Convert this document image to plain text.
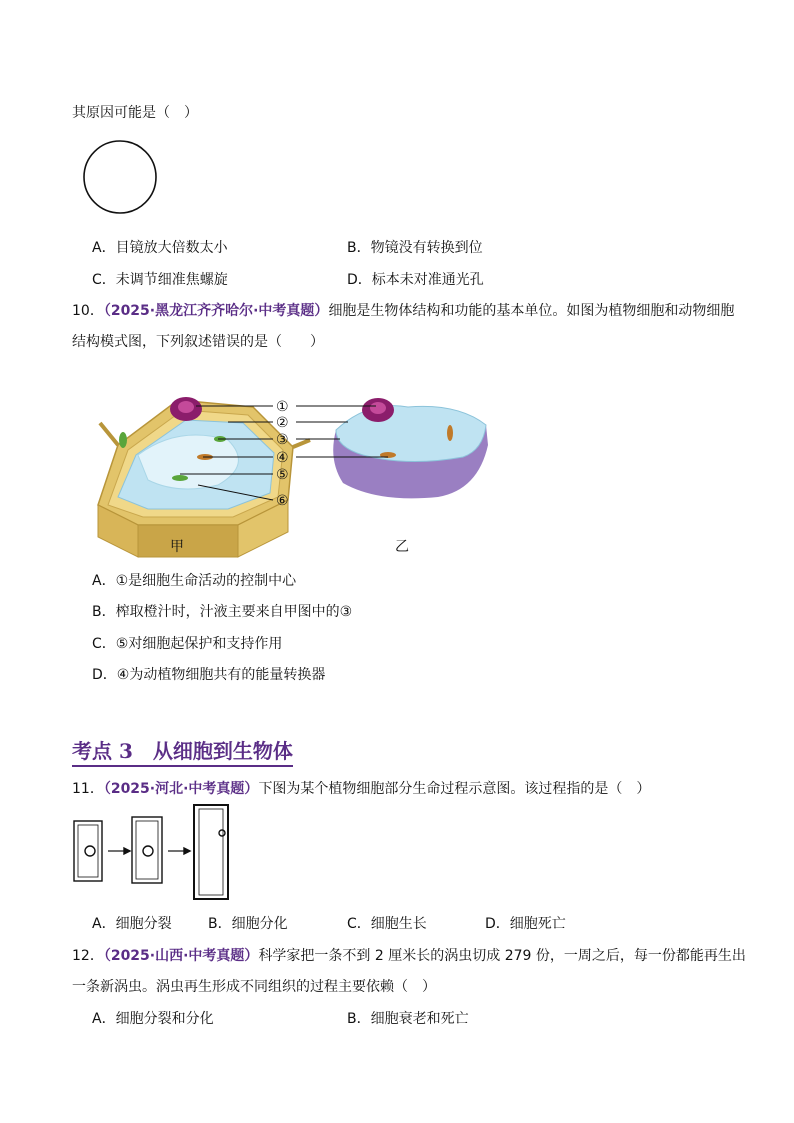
其原因可能是（　）
A．目镜放大倍数太小	B．物镜没有转换到位
C．未调节细准焦螺旋	D．标本未对准通光孔
10．（2025·黑龙江齐齐哈尔·中考真题）细胞是生物体结构和功能的基本单位。如图为植物细胞和动物细胞
结构模式图，下列叙述错误的是（　　）
①
②
③
④
⑤
⑥
甲	乙
A．①是细胞生命活动的控制中心
B．榨取橙汁时，汁液主要来自甲图中的③
C．⑤对细胞起保护和支持作用
D．④为动植物细胞共有的能量转换器
考点 3　从细胞到生物体
11．（2025·河北·中考真题）下图为某个植物细胞部分生命过程示意图。该过程指的是（　）
A．细胞分裂	B．细胞分化	C．细胞生长	D．细胞死亡
12．（2025·山西·中考真题）科学家把一条不到 2 厘米长的涡虫切成 279 份，一周之后，每一份都能再生出
一条新涡虫。涡虫再生形成不同组织的过程主要依赖（　）
A．细胞分裂和分化	B．细胞衰老和死亡
